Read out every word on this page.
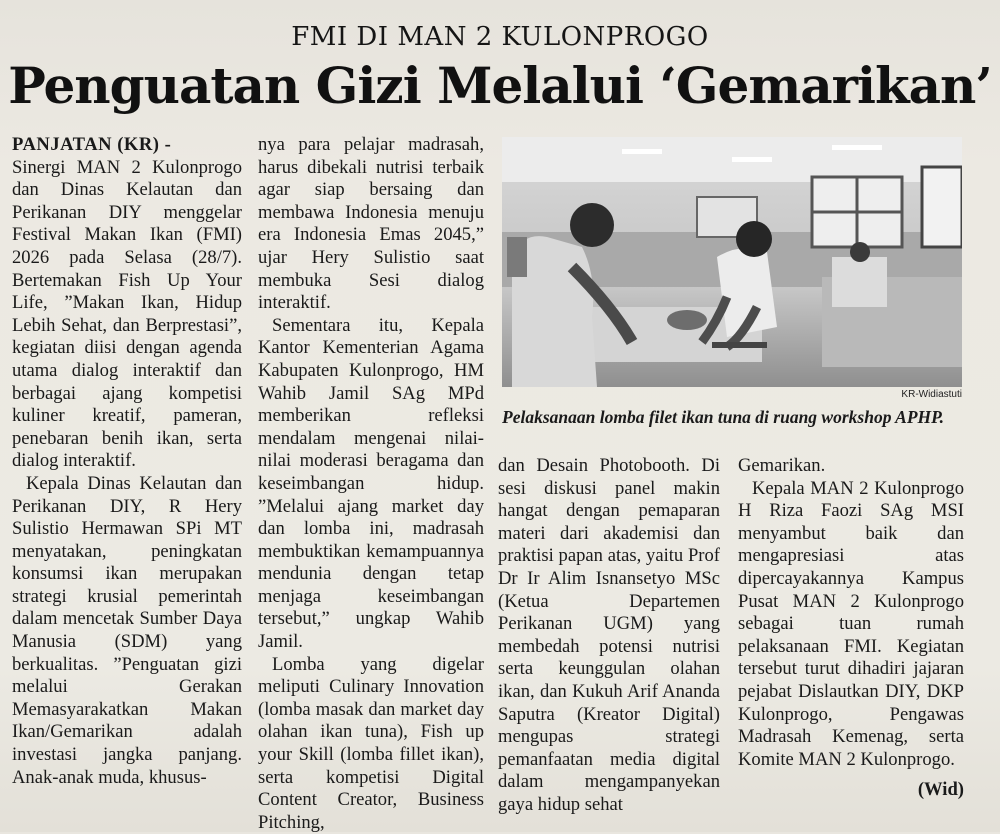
FMI DI MAN 2 KULONPROGO
Penguatan Gizi Melalui ‘Gemarikan’

PANJATAN (KR) -
Sinergi MAN 2 Kulonprogo dan Dinas Kelautan dan Perikanan DIY menggelar Festival Makan Ikan (FMI) 2026 pada Selasa (28/7). Bertemakan Fish Up Your Life, ”Makan Ikan, Hidup Lebih Sehat, dan Berprestasi”, kegiatan diisi dengan agenda utama dialog interaktif dan berbagai ajang kompetisi kuliner kreatif, pameran, penebaran benih ikan, serta dialog interaktif.

Kepala Dinas Kelautan dan Perikanan DIY, R Hery Sulistio Hermawan SPi MT menyatakan, peningkatan konsumsi ikan merupakan strategi krusial pemerintah dalam mencetak Sumber Daya Manusia (SDM) yang berkualitas. ”Penguatan gizi melalui Gerakan Memasyarakatkan Makan Ikan/Gemarikan adalah investasi jangka panjang. Anak-anak muda, khusus-

nya para pelajar madrasah, harus dibekali nutrisi terbaik agar siap bersaing dan membawa Indonesia menuju era Indonesia Emas 2045,” ujar Hery Sulistio saat membuka Sesi dialog interaktif.

Sementara itu, Kepala Kantor Kementerian Agama Kabupaten Kulonprogo, HM Wahib Jamil SAg MPd memberikan refleksi mendalam mengenai nilai-nilai moderasi beragama dan keseimbangan hidup. ”Melalui ajang market day dan lomba ini, madrasah membuktikan kemampuannya mendunia dengan tetap menjaga keseimbangan tersebut,” ungkap Wahib Jamil.

Lomba yang digelar meliputi Culinary Innovation (lomba masak dan market day olahan ikan tuna), Fish up your Skill (lomba fillet ikan), serta kompetisi Digital Content Creator, Business Pitching,

KR-Widiastuti
Pelaksanaan lomba filet ikan tuna di ruang workshop APHP.

dan Desain Photobooth. Di sesi diskusi panel makin hangat dengan pemaparan materi dari akademisi dan praktisi papan atas, yaitu Prof Dr Ir Alim Isnansetyo MSc (Ketua Departemen Perikanan UGM) yang membedah potensi nutrisi serta keunggulan olahan ikan, dan Kukuh Arif Ananda Saputra (Kreator Digital) mengupas strategi pemanfaatan media digital dalam mengampanyekan gaya hidup sehat

Gemarikan.

Kepala MAN 2 Kulonprogo H Riza Faozi SAg MSI menyambut baik dan mengapresiasi atas dipercayakannya Kampus Pusat MAN 2 Kulonprogo sebagai tuan rumah pelaksanaan FMI. Kegiatan tersebut turut dihadiri jajaran pejabat Dislautkan DIY, DKP Kulonprogo, Pengawas Madrasah Kemenag, serta Komite MAN 2 Kulonprogo.

(Wid)
